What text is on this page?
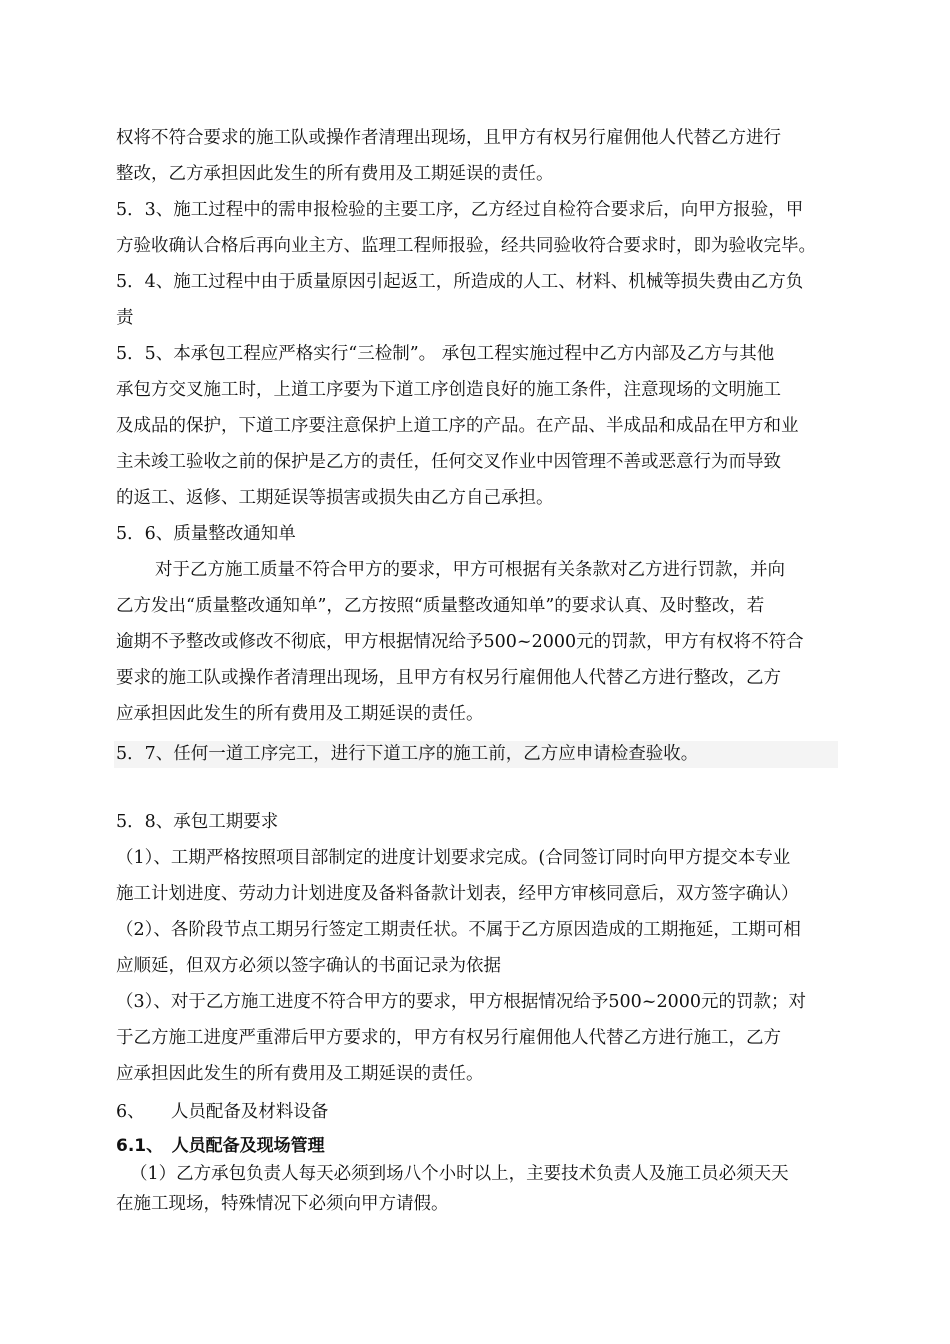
权将不符合要求的施工队或操作者清理出现场，且甲方有权另行雇佣他人代替乙方进行
整改，乙方承担因此发生的所有费用及工期延误的责任。
5．3、施工过程中的需申报检验的主要工序，乙方经过自检符合要求后，向甲方报验，甲
方验收确认合格后再向业主方、监理工程师报验，经共同验收符合要求时，即为验收完毕。
5．4、施工过程中由于质量原因引起返工，所造成的人工、材料、机械等损失费由乙方负
责
5．5、本承包工程应严格实行“三检制”。 承包工程实施过程中乙方内部及乙方与其他
承包方交叉施工时，上道工序要为下道工序创造良好的施工条件，注意现场的文明施工
及成品的保护，下道工序要注意保护上道工序的产品。在产品、半成品和成品在甲方和业
主未竣工验收之前的保护是乙方的责任，任何交叉作业中因管理不善或恶意行为而导致
的返工、返修、工期延误等损害或损失由乙方自己承担。
5．6、质量整改通知单
对于乙方施工质量不符合甲方的要求，甲方可根据有关条款对乙方进行罚款，并向
乙方发出“质量整改通知单”，乙方按照“质量整改通知单”的要求认真、及时整改，若
逾期不予整改或修改不彻底，甲方根据情况给予500~2000元的罚款，甲方有权将不符合
要求的施工队或操作者清理出现场，且甲方有权另行雇佣他人代替乙方进行整改，乙方
应承担因此发生的所有费用及工期延误的责任。
5．7、任何一道工序完工，进行下道工序的施工前，乙方应申请检查验收。
5．8、承包工期要求
（1）、工期严格按照项目部制定的进度计划要求完成。(合同签订同时向甲方提交本专业
施工计划进度、劳动力计划进度及备料备款计划表，经甲方审核同意后，双方签字确认）
（2）、各阶段节点工期另行签定工期责任状。不属于乙方原因造成的工期拖延，工期可相
应顺延，但双方必须以签字确认的书面记录为依据
（3）、对于乙方施工进度不符合甲方的要求，甲方根据情况给予500~2000元的罚款；对
于乙方施工进度严重滞后甲方要求的，甲方有权另行雇佣他人代替乙方进行施工，乙方
应承担因此发生的所有费用及工期延误的责任。
6、　　人员配备及材料设备
6.1、　人员配备及现场管理
（1）乙方承包负责人每天必须到场八个小时以上，主要技术负责人及施工员必须天天
在施工现场，特殊情况下必须向甲方请假。
